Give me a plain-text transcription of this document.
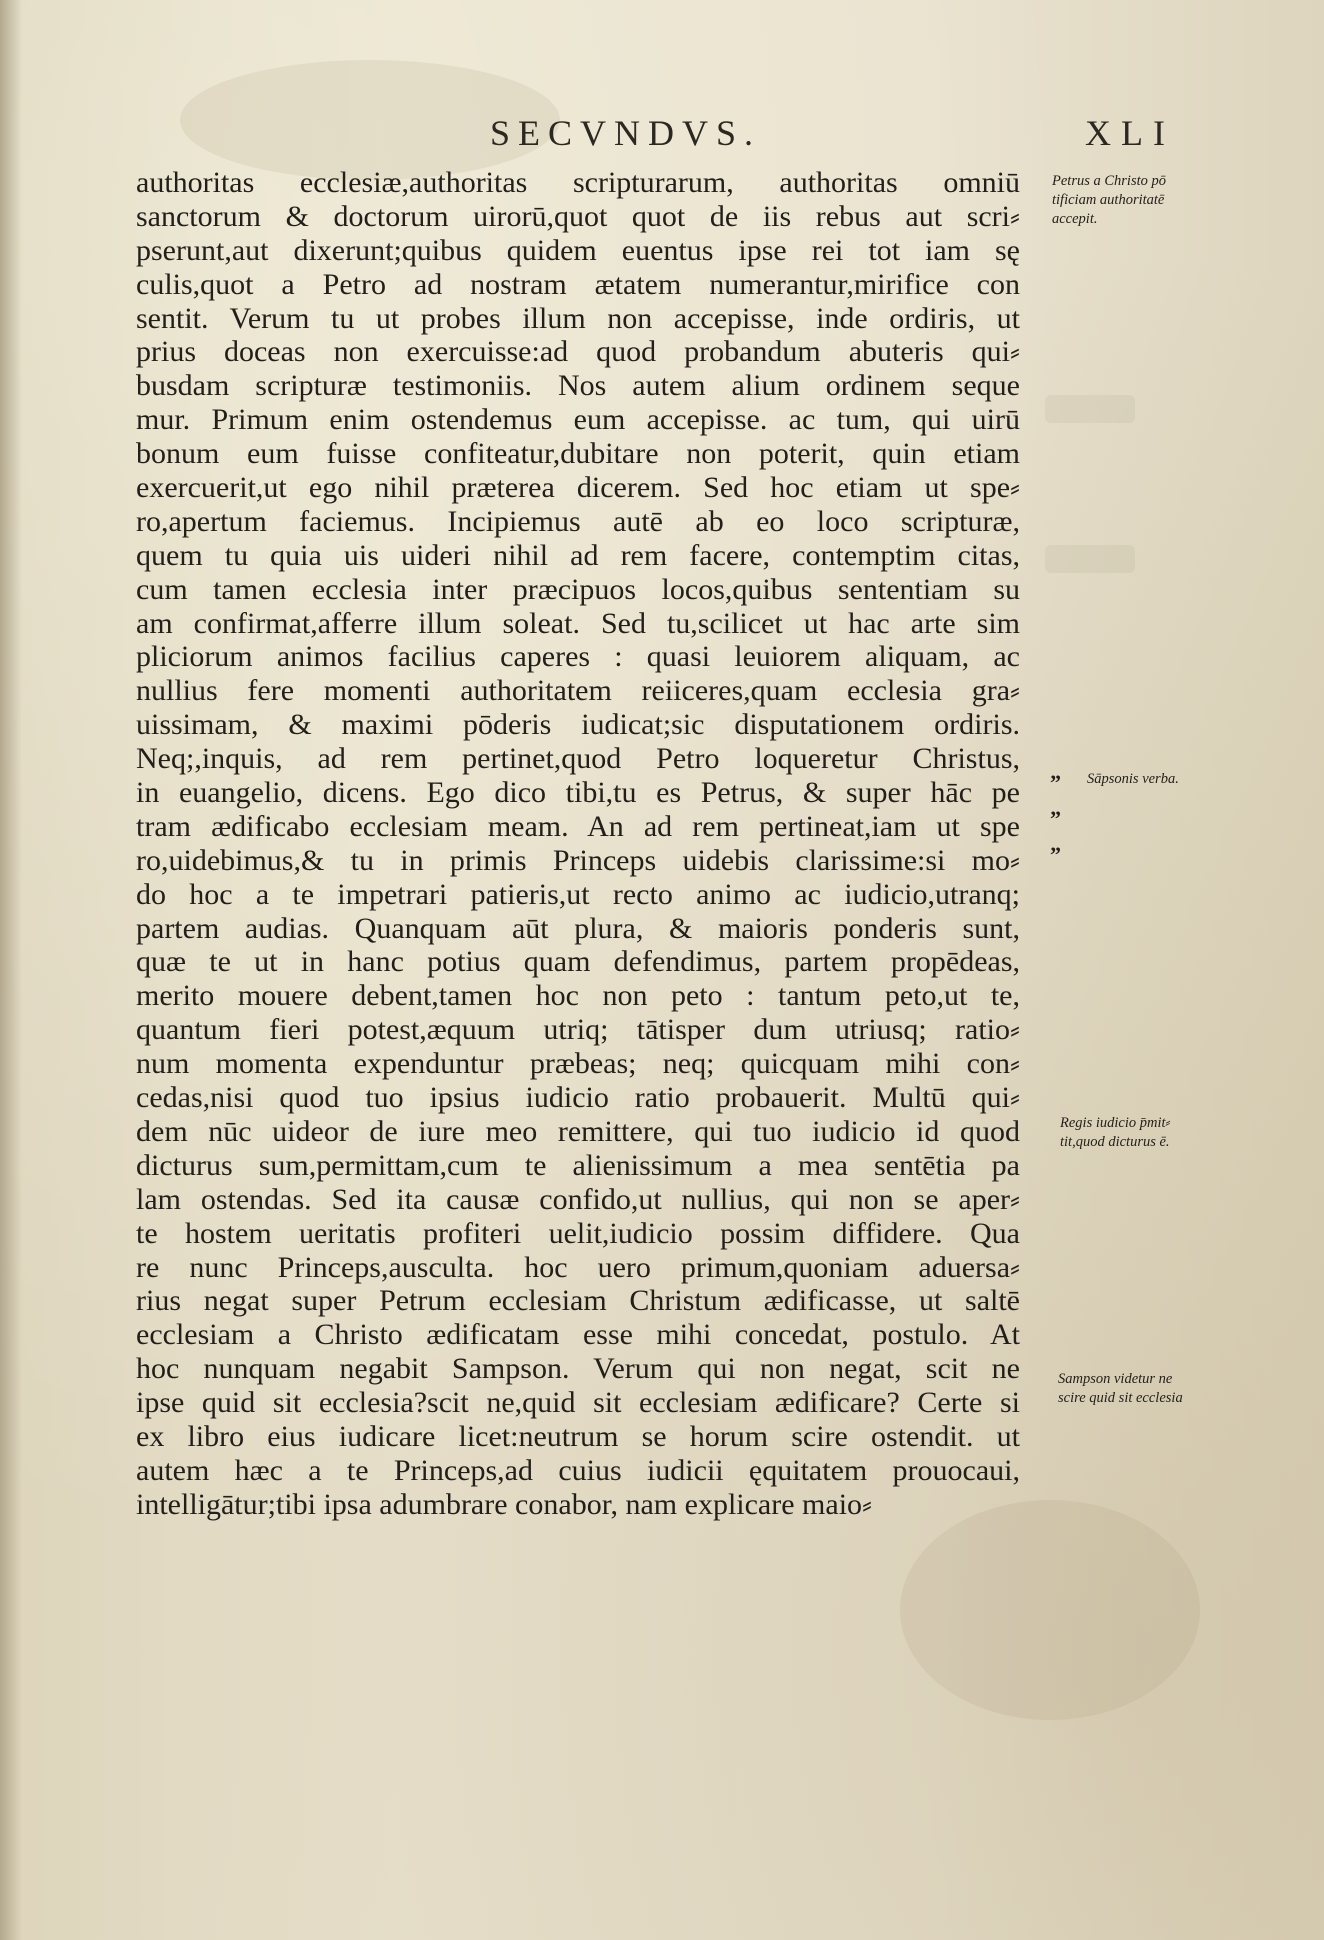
SECVNDVS.	XLI
authoritas ecclesiæ,authoritas scripturarum, authoritas omniū
sanctorum & doctorum uirorū,quot quot de iis rebus aut scri⸗
pserunt,aut dixerunt;quibus quidem euentus ipse rei tot iam sę
culis,quot a Petro ad nostram ætatem numerantur,mirifice con
sentit. Verum tu ut probes illum non accepisse, inde ordiris, ut
prius doceas non exercuisse:ad quod probandum abuteris qui⸗
busdam scripturæ testimoniis. Nos autem alium ordinem seque
mur. Primum enim ostendemus eum accepisse. ac tum, qui uirū
bonum eum fuisse confiteatur,dubitare non poterit, quin etiam
exercuerit,ut ego nihil præterea dicerem. Sed hoc etiam ut spe⸗
ro,apertum faciemus. Incipiemus autē ab eo loco scripturæ,
quem tu quia uis uideri nihil ad rem facere, contemptim citas,
cum tamen ecclesia inter præcipuos locos,quibus sententiam su
am confirmat,afferre illum soleat. Sed tu,scilicet ut hac arte sim
pliciorum animos facilius caperes : quasi leuiorem aliquam, ac
nullius fere momenti authoritatem reiiceres,quam ecclesia gra⸗
uissimam, & maximi pōderis iudicat;sic disputationem ordiris.
Neq;,inquis, ad rem pertinet,quod Petro loqueretur Christus,
in euangelio, dicens. Ego dico tibi,tu es Petrus, & super hāc pe
tram ædificabo ecclesiam meam. An ad rem pertineat,iam ut spe
ro,uidebimus,& tu in primis Princeps uidebis clarissime:si mo⸗
do hoc a te impetrari patieris,ut recto animo ac iudicio,utranq;
partem audias. Quanquam aūt plura, & maioris ponderis sunt,
quæ te ut in hanc potius quam defendimus, partem propēdeas,
merito mouere debent,tamen hoc non peto : tantum peto,ut te,
quantum fieri potest,æquum utriq; tātisper dum utriusq; ratio⸗
num momenta expenduntur præbeas; neq; quicquam mihi con⸗
cedas,nisi quod tuo ipsius iudicio ratio probauerit. Multū qui⸗
dem nūc uideor de iure meo remittere, qui tuo iudicio id quod
dicturus sum,permittam,cum te alienissimum a mea sentētia pa
lam ostendas. Sed ita causæ confido,ut nullius, qui non se aper⸗
te hostem ueritatis profiteri uelit,iudicio possim diffidere. Qua
re nunc Princeps,ausculta. hoc uero primum,quoniam aduersa⸗
rius negat super Petrum ecclesiam Christum ædificasse, ut saltē
ecclesiam a Christo ædificatam esse mihi concedat, postulo. At
hoc nunquam negabit Sampson. Verum qui non negat, scit ne
ipse quid sit ecclesia?scit ne,quid sit ecclesiam ædificare? Certe si
ex libro eius iudicare licet:neutrum se horum scire ostendit. ut
autem hæc a te Princeps,ad cuius iudicii ęquitatem prouocaui,
intelligātur;tibi ipsa adumbrare conabor, nam explicare maio⸗
Petrus a Christo pō
tificiam authoritatē
accepit.
” Sāpsonis verba.
”
”
Regis iudicio p̄mit⸗
tit,quod dicturus ē.
Sampson videtur ne
scire quid sit ecclesia
